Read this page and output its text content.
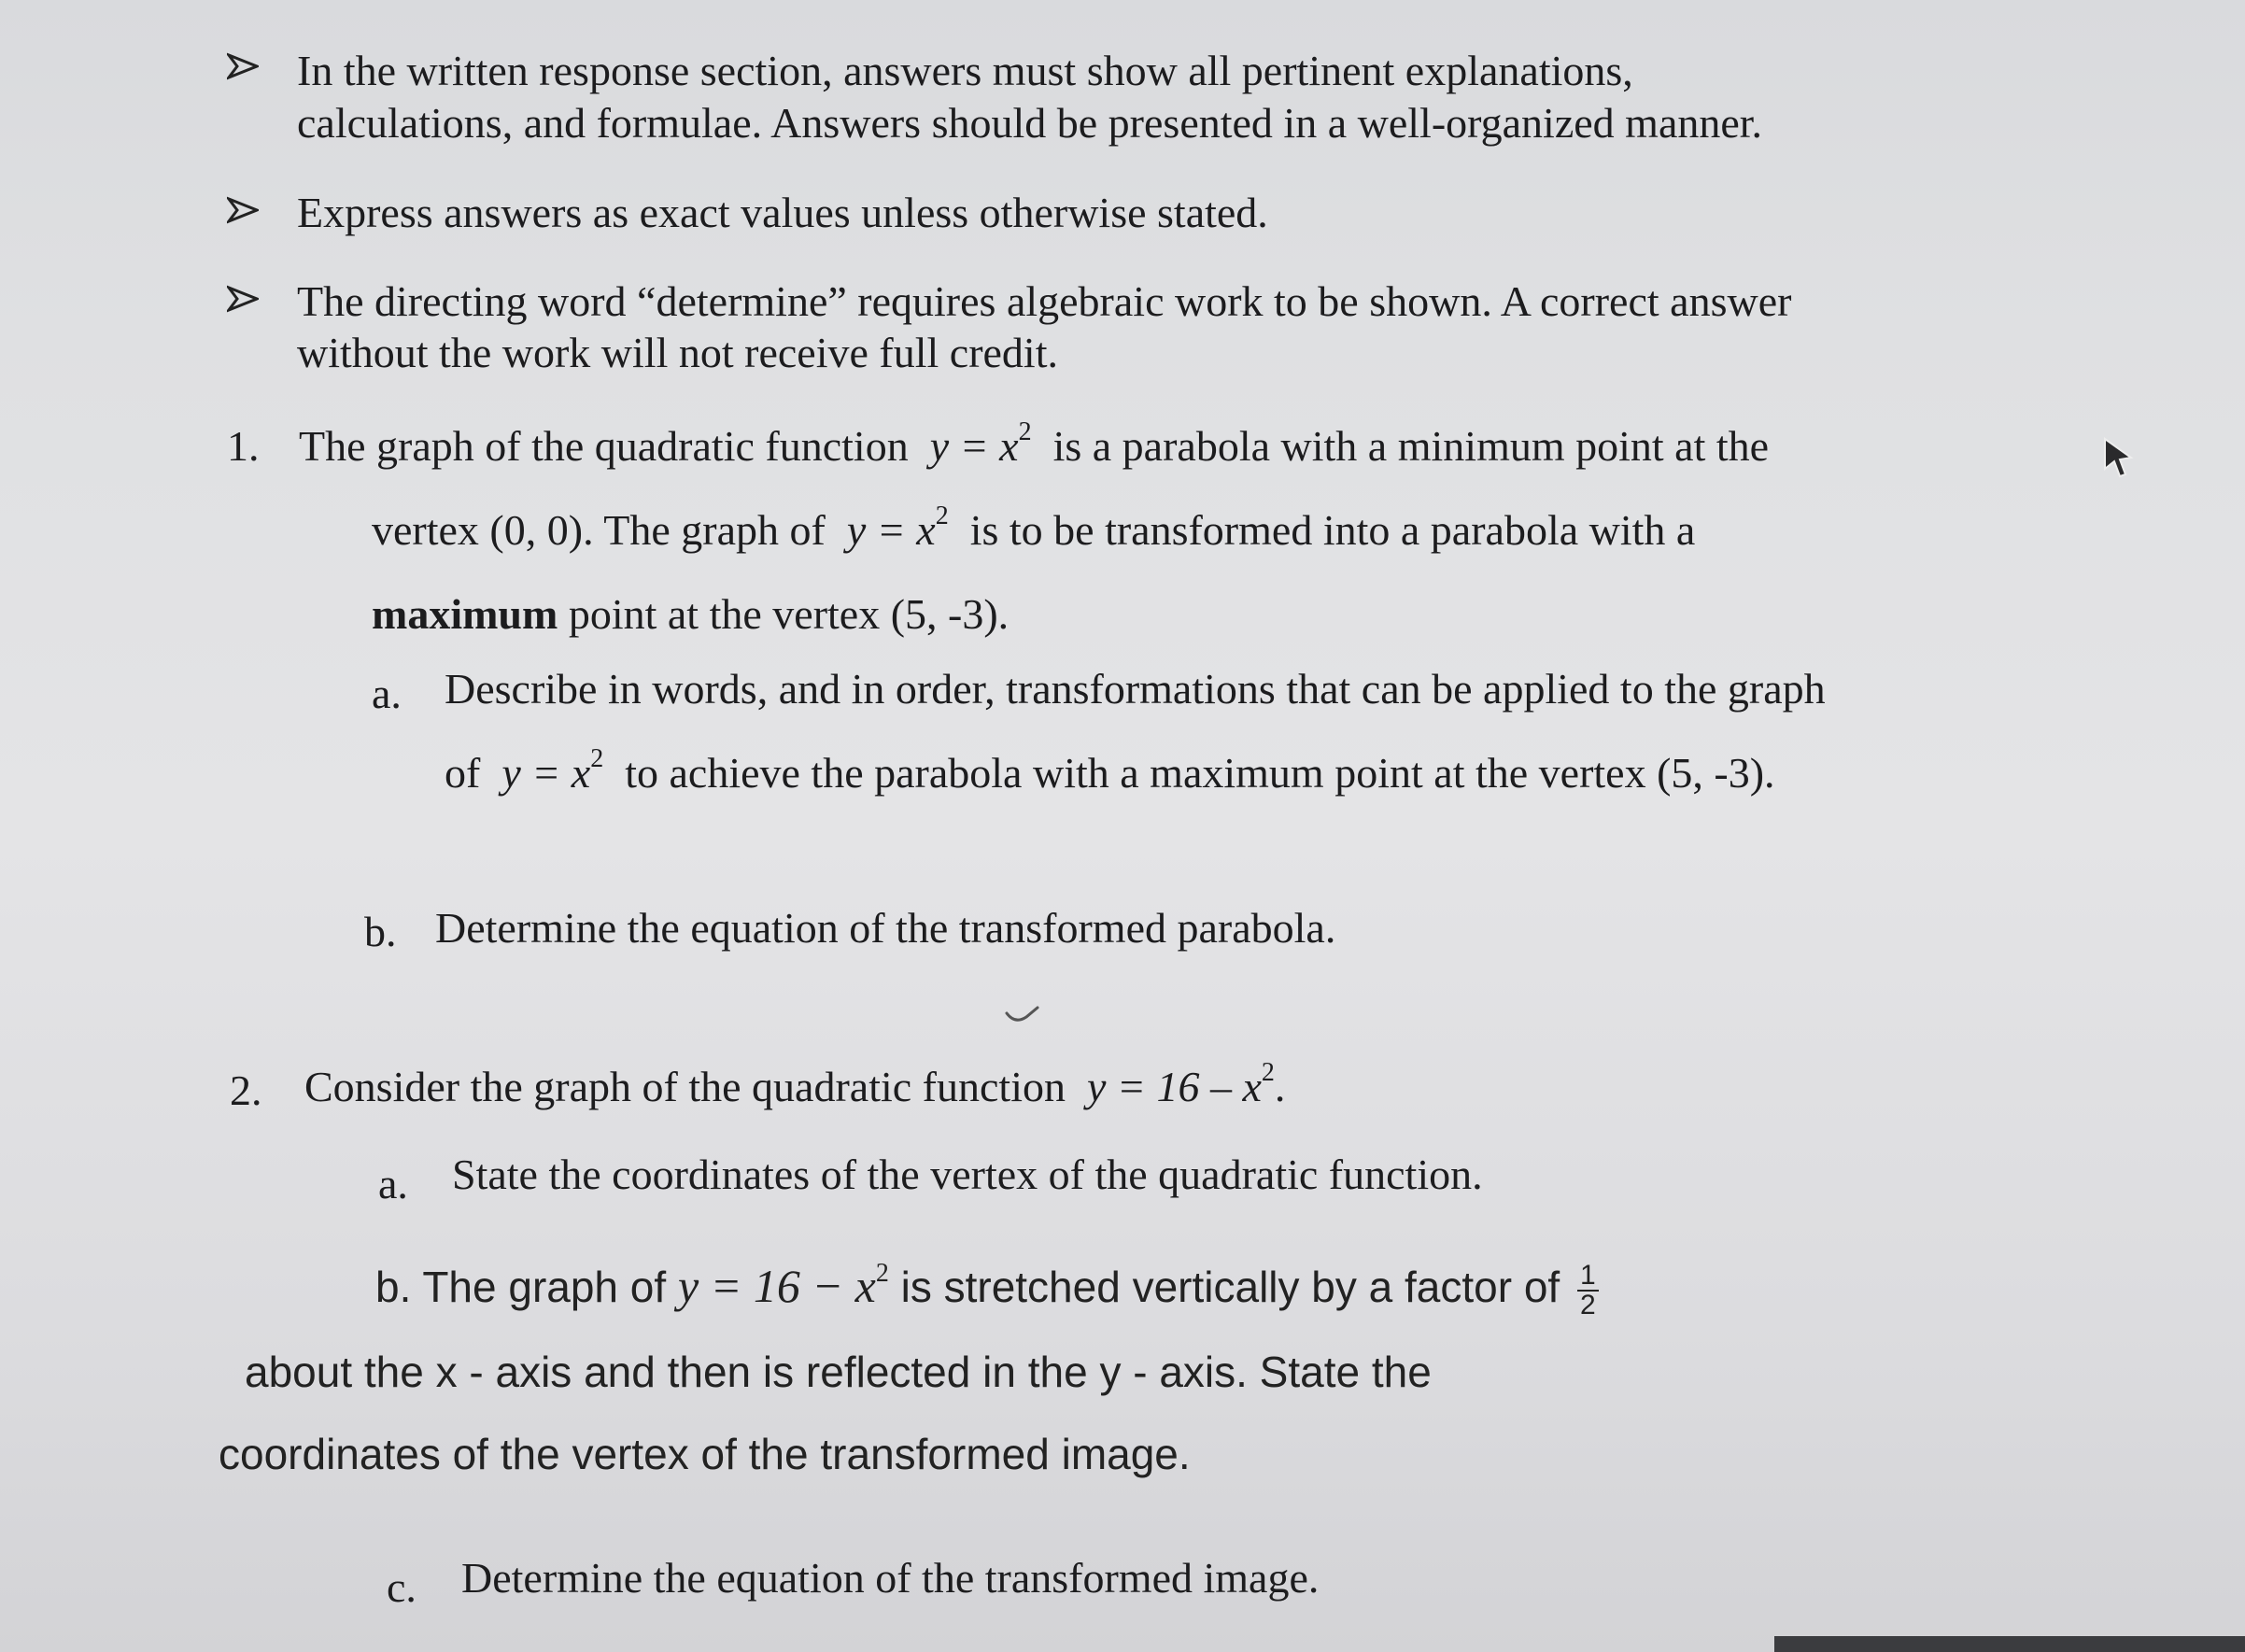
In the written response section, answers must show all pertinent explanations,
calculations, and formulae. Answers should be presented in a well-organized manner.
Express answers as exact values unless otherwise stated.
The directing word “determine” requires algebraic work to be shown. A correct answer
without the work will not receive full credit.
1. The graph of the quadratic function $y = x^2$ is a parabola with a minimum point at the
vertex (0, 0). The graph of $y = x^2$ is to be transformed into a parabola with a
maximum point at the vertex (5, -3).
a. Describe in words, and in order, transformations that can be applied to the graph
of $y = x^2$ to achieve the parabola with a maximum point at the vertex (5, -3).
b. Determine the equation of the transformed parabola.
2. Consider the graph of the quadratic function $y = 16 - x^2$.
a. State the coordinates of the vertex of the quadratic function.
b. The graph of $y = 16 - x^2$ is stretched vertically by a factor of $\frac{1}{2}$
about the x - axis and then is reflected in the y - axis. State the
coordinates of the vertex of the transformed image.
c. Determine the equation of the transformed image.
